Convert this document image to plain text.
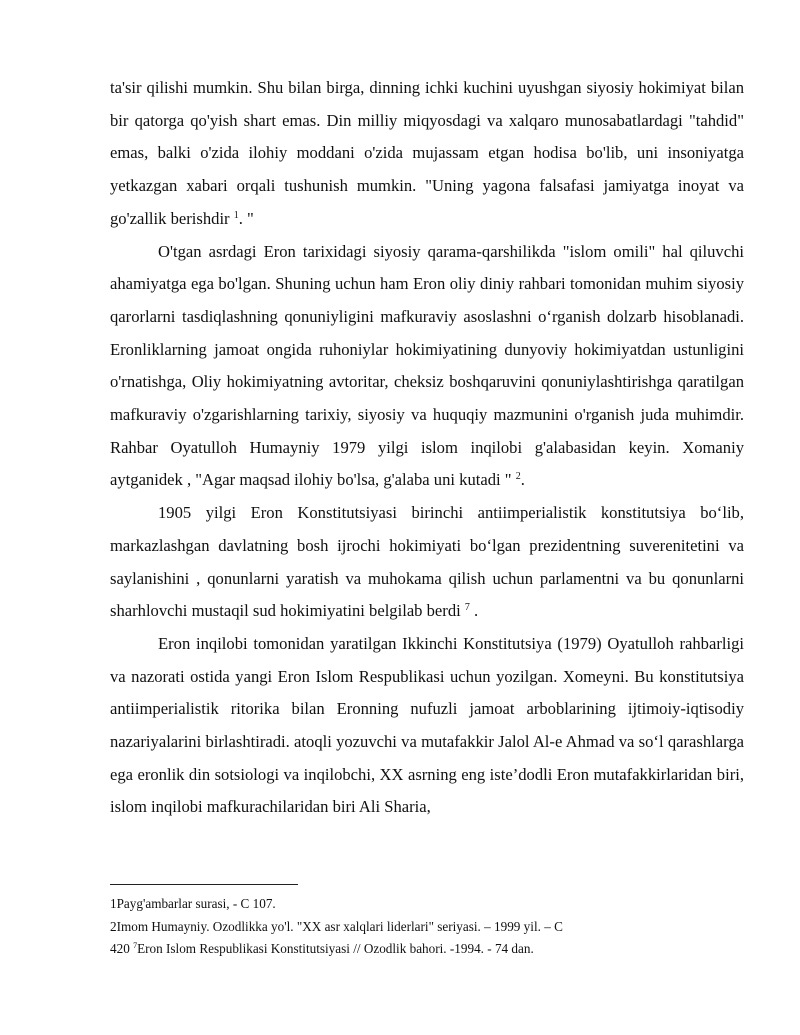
ta'sir qilishi mumkin. Shu bilan birga, dinning ichki kuchini uyushgan siyosiy hokimiyat bilan bir qatorga qo'yish shart emas. Din milliy miqyosdagi va xalqaro munosabatlardagi "tahdid" emas, balki o'zida ilohiy moddani o'zida mujassam etgan hodisa bo'lib, uni insoniyatga yetkazgan xabari orqali tushunish mumkin. "Uning yagona falsafasi jamiyatga inoyat va go'zallik berishdir $^1$. "

O'tgan asrdagi Eron tarixidagi siyosiy qarama-qarshilikda "islom omili" hal qiluvchi ahamiyatga ega bo'lgan. Shuning uchun ham Eron oliy diniy rahbari tomonidan muhim siyosiy qarorlarni tasdiqlashning qonuniyligini mafkuraviy asoslashni o‘rganish dolzarb hisoblanadi. Eronliklarning jamoat ongida ruhoniylar hokimiyatining dunyoviy hokimiyatdan ustunligini o'rnatishga, Oliy hokimiyatning avtoritar, cheksiz boshqaruvini qonuniylashtirishga qaratilgan mafkuraviy o'zgarishlarning tarixiy, siyosiy va huquqiy mazmunini o'rganish juda muhimdir. Rahbar Oyatulloh Humayniy 1979 yilgi islom inqilobi g'alabasidan keyin. Xomaniy aytganidek , "Agar maqsad ilohiy bo'lsa, g'alaba uni kutadi " $^2$.

1905 yilgi Eron Konstitutsiyasi birinchi antiimperialistik konstitutsiya bo‘lib, markazlashgan davlatning bosh ijrochi hokimiyati bo‘lgan prezidentning suverenitetini va saylanishini , qonunlarni yaratish va muhokama qilish uchun parlamentni va bu qonunlarni sharhlovchi mustaqil sud hokimiyatini belgilab berdi $^7$ .

Eron inqilobi tomonidan yaratilgan Ikkinchi Konstitutsiya (1979) Oyatulloh rahbarligi va nazorati ostida yangi Eron Islom Respublikasi uchun yozilgan. Xomeyni. Bu konstitutsiya antiimperialistik ritorika bilan Eronning nufuzli jamoat arboblarining ijtimoiy-iqtisodiy nazariyalarini birlashtiradi. atoqli yozuvchi va mutafakkir Jalol Al-e Ahmad va so‘l qarashlarga ega eronlik din sotsiologi va inqilobchi, XX asrning eng iste’dodli Eron mutafakkirlaridan biri, islom inqilobi mafkurachilaridan biri Ali Sharia,

1Payg'ambarlar surasi, - C 107.

2Imom Humayniy. Ozodlikka yo'l. "XX asr xalqlari liderlari" seriyasi. – 1999 yil. – C

420 $^7$Eron Islom Respublikasi Konstitutsiyasi // Ozodlik bahori. -1994. - 74 dan.
